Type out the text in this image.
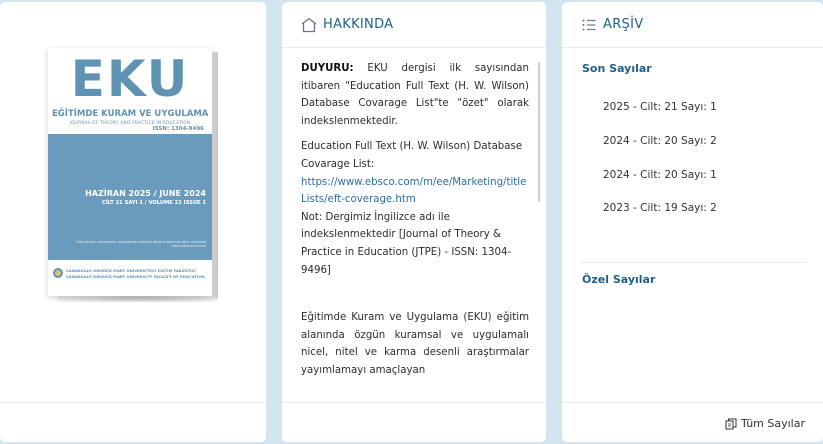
EKU
EĞİTİMDE KURAM VE UYGULAMA
JOURNAL OF THEORY AND PRACTICE IN EDUCATION
ISSN: 1304-9496
HAZİRAN 2025 / JUNE 2024
CİLT 21 SAYI 1 / VOLUME 21 ISSUE 1
Yılda iki kez yayımlanan uluslararası hakemli dergi A biannual peer reviewed international journal
ÇANAKKALE ONSEKİZ MART ÜNİVERSİTESİ EĞİTİM FAKÜLTESİ
ÇANAKKALE ONSEKİZ MART UNIVERSITY FACULTY OF EDUCATION
HAKKINDA

DUYURU: EKU dergisi ilk sayısından itibaren "Education Full Text (H. W. Wilson) Database Covarage List"te "özet" olarak indekslenmektedir.

Education Full Text (H. W. Wilson) Database Covarage List:
https://www.ebsco.com/m/ee/Marketing/titleLists/eft-coverage.htm
Not: Dergimiz İngilizce adı ile indekslenmektedir [Journal of Theory & Practice in Education (JTPE) - ISSN: 1304-9496]

Eğitimde Kuram ve Uygulama (EKU) eğitim alanında özgün kuramsal ve uygulamalı nicel, nitel ve karma desenli araştırmalar yayımlamayı amaçlayan

ARŞİV
Son Sayılar
2025 - Cilt: 21 Sayı: 1
2024 - Cilt: 20 Sayı: 2
2024 - Cilt: 20 Sayı: 1
2023 - Cilt: 19 Sayı: 2
Özel Sayılar
Tüm Sayılar
